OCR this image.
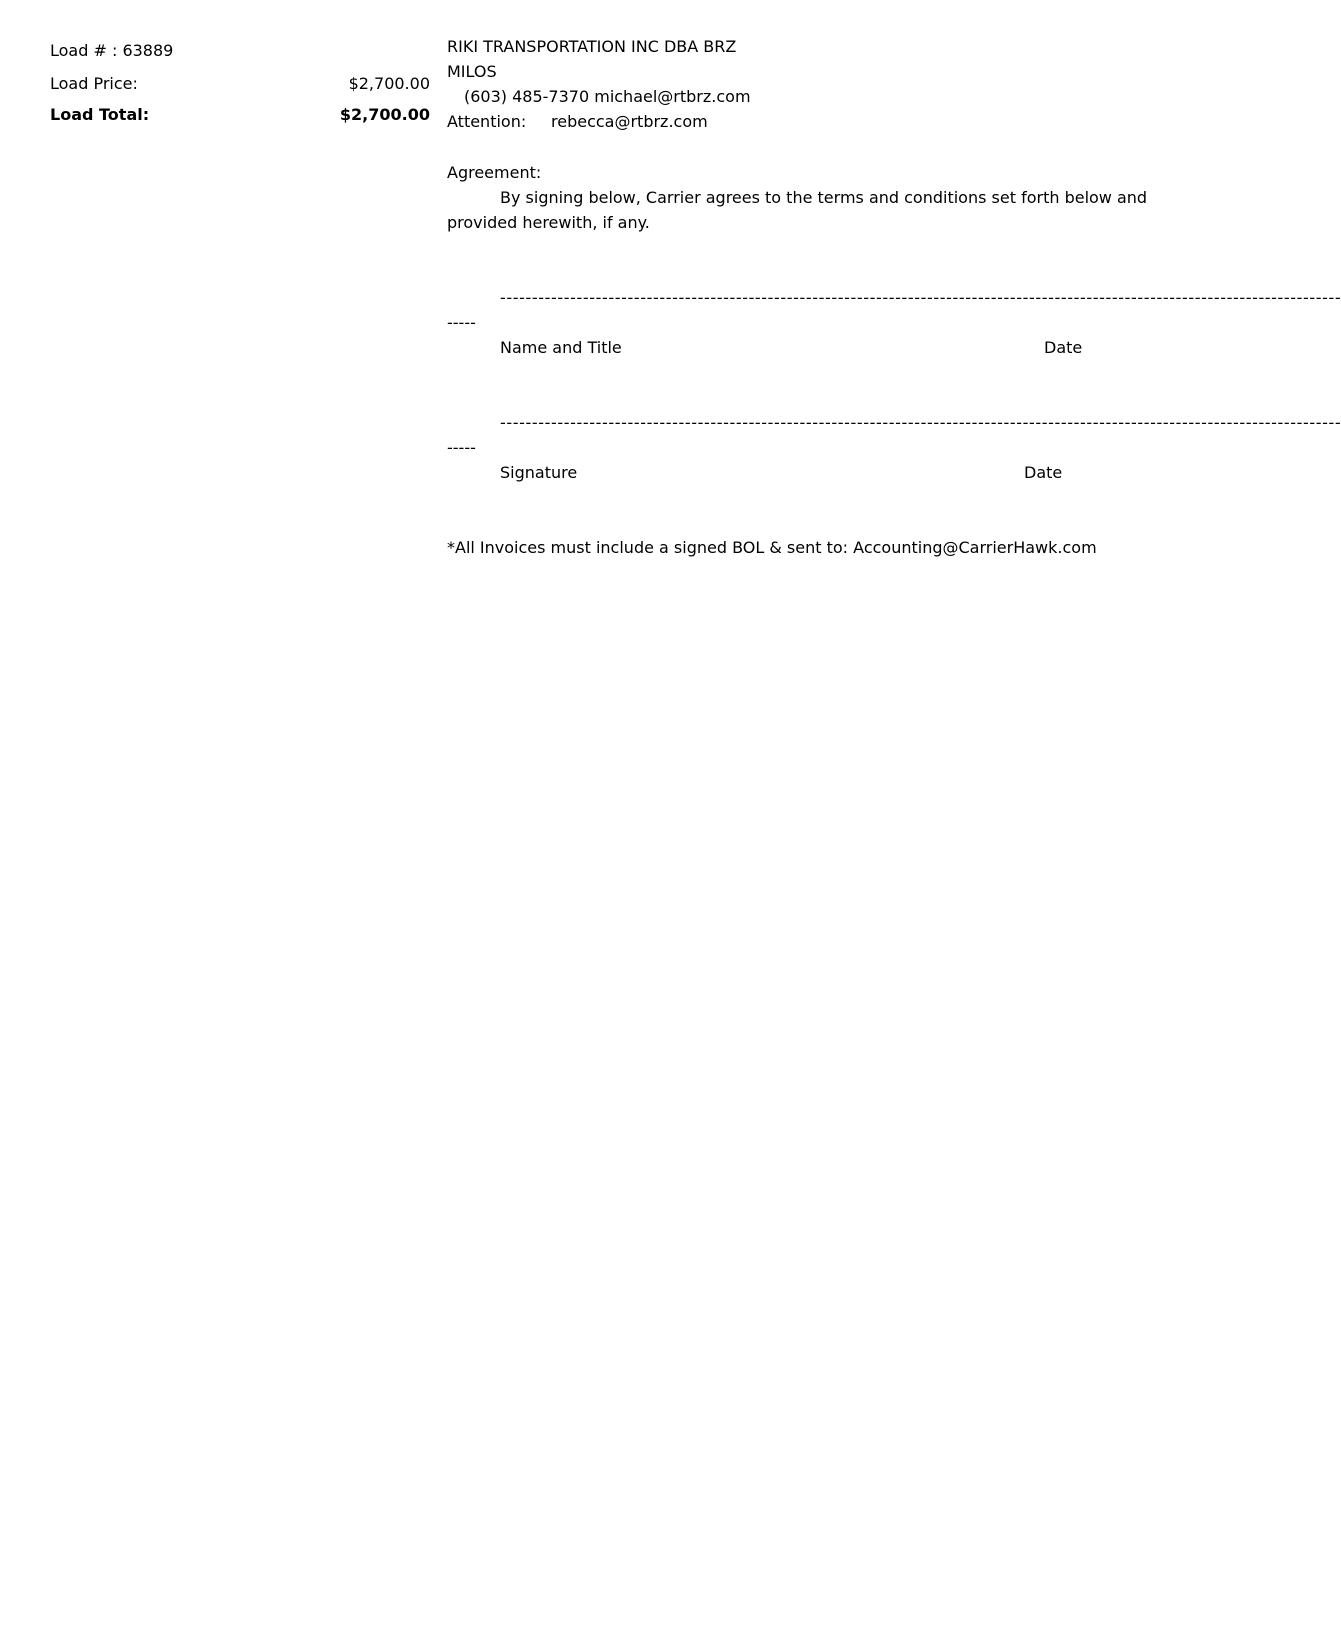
Load # : 63889
Load Price:	$2,700.00
Load Total:	$2,700.00
RIKI TRANSPORTATION INC DBA BRZ
MILOS
(603) 485-7370 michael@rtbrz.com
Attention: rebecca@rtbrz.com
Agreement:
By signing below, Carrier agrees to the terms and conditions set forth below and
provided herewith, if any.
------------------------------------------------------------------------------------------------------------------------------------
-----
Name and Title	Date
------------------------------------------------------------------------------------------------------------------------------------
-----
Signature	Date
*All Invoices must include a signed BOL & sent to: Accounting@CarrierHawk.com
